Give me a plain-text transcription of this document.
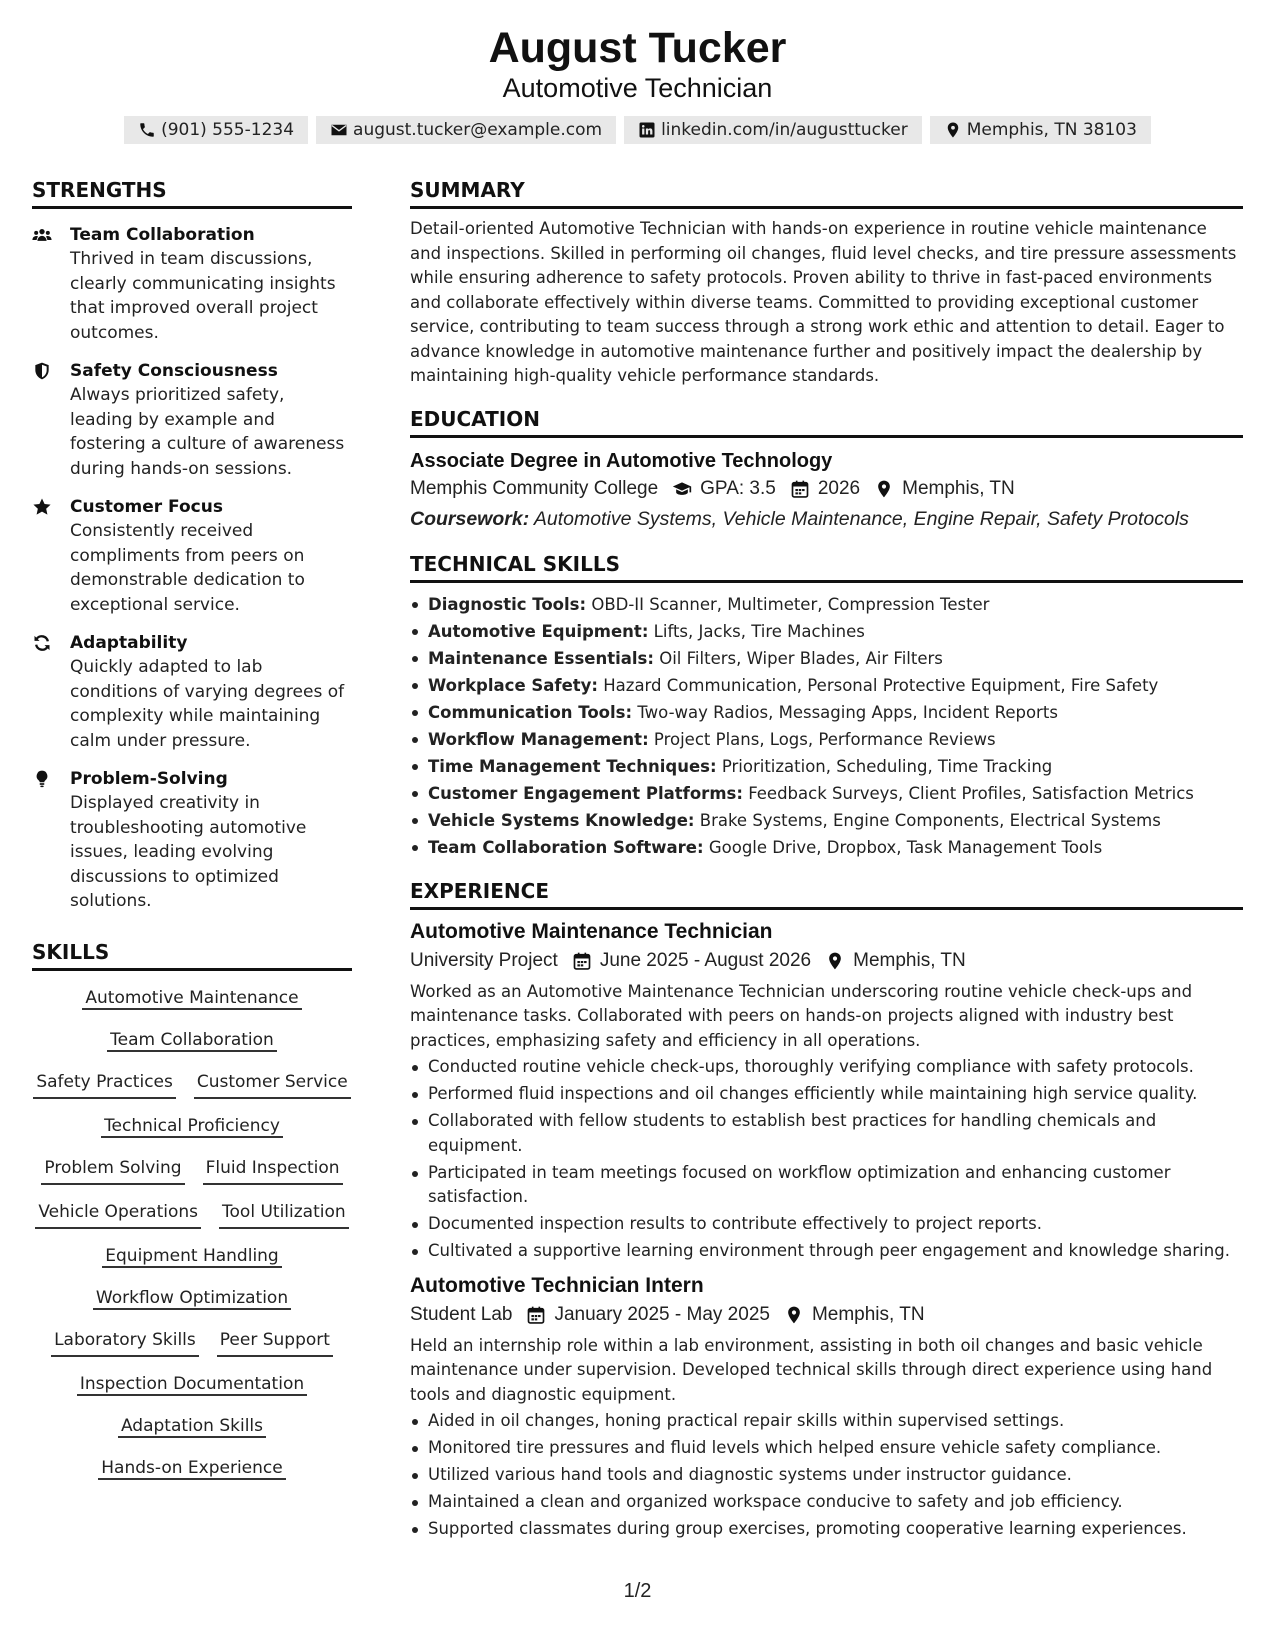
August Tucker
Automotive Technician
(901) 555-1234	august.tucker@example.com	linkedin.com/in/augusttucker	Memphis, TN 38103
STRENGTHS
Team Collaboration
Thrived in team discussions, clearly communicating insights that improved overall project outcomes.
Safety Consciousness
Always prioritized safety, leading by example and fostering a culture of awareness during hands-on sessions.
Customer Focus
Consistently received compliments from peers on demonstrable dedication to exceptional service.
Adaptability
Quickly adapted to lab conditions of varying degrees of complexity while maintaining calm under pressure.
Problem-Solving
Displayed creativity in troubleshooting automotive issues, leading evolving discussions to optimized solutions.
SKILLS
Automotive Maintenance
Team Collaboration
Safety Practices Customer Service
Technical Proficiency
Problem Solving Fluid Inspection
Vehicle Operations Tool Utilization
Equipment Handling
Workflow Optimization
Laboratory Skills Peer Support
Inspection Documentation
Adaptation Skills
Hands-on Experience
SUMMARY
Detail-oriented Automotive Technician with hands-on experience in routine vehicle maintenance and inspections. Skilled in performing oil changes, fluid level checks, and tire pressure assessments while ensuring adherence to safety protocols. Proven ability to thrive in fast-paced environments and collaborate effectively within diverse teams. Committed to providing exceptional customer service, contributing to team success through a strong work ethic and attention to detail. Eager to advance knowledge in automotive maintenance further and positively impact the dealership by maintaining high-quality vehicle performance standards.
EDUCATION
Associate Degree in Automotive Technology
Memphis Community College GPA: 3.5 2026 Memphis, TN
Coursework: Automotive Systems, Vehicle Maintenance, Engine Repair, Safety Protocols
TECHNICAL SKILLS
Diagnostic Tools: OBD-II Scanner, Multimeter, Compression Tester
Automotive Equipment: Lifts, Jacks, Tire Machines
Maintenance Essentials: Oil Filters, Wiper Blades, Air Filters
Workplace Safety: Hazard Communication, Personal Protective Equipment, Fire Safety
Communication Tools: Two-way Radios, Messaging Apps, Incident Reports
Workflow Management: Project Plans, Logs, Performance Reviews
Time Management Techniques: Prioritization, Scheduling, Time Tracking
Customer Engagement Platforms: Feedback Surveys, Client Profiles, Satisfaction Metrics
Vehicle Systems Knowledge: Brake Systems, Engine Components, Electrical Systems
Team Collaboration Software: Google Drive, Dropbox, Task Management Tools
EXPERIENCE
Automotive Maintenance Technician
University Project June 2025 - August 2026 Memphis, TN
Worked as an Automotive Maintenance Technician underscoring routine vehicle check-ups and maintenance tasks. Collaborated with peers on hands-on projects aligned with industry best practices, emphasizing safety and efficiency in all operations.
Conducted routine vehicle check-ups, thoroughly verifying compliance with safety protocols.
Performed fluid inspections and oil changes efficiently while maintaining high service quality.
Collaborated with fellow students to establish best practices for handling chemicals and equipment.
Participated in team meetings focused on workflow optimization and enhancing customer satisfaction.
Documented inspection results to contribute effectively to project reports.
Cultivated a supportive learning environment through peer engagement and knowledge sharing.
Automotive Technician Intern
Student Lab January 2025 - May 2025 Memphis, TN
Held an internship role within a lab environment, assisting in both oil changes and basic vehicle maintenance under supervision. Developed technical skills through direct experience using hand tools and diagnostic equipment.
Aided in oil changes, honing practical repair skills within supervised settings.
Monitored tire pressures and fluid levels which helped ensure vehicle safety compliance.
Utilized various hand tools and diagnostic systems under instructor guidance.
Maintained a clean and organized workspace conducive to safety and job efficiency.
Supported classmates during group exercises, promoting cooperative learning experiences.
1/2
